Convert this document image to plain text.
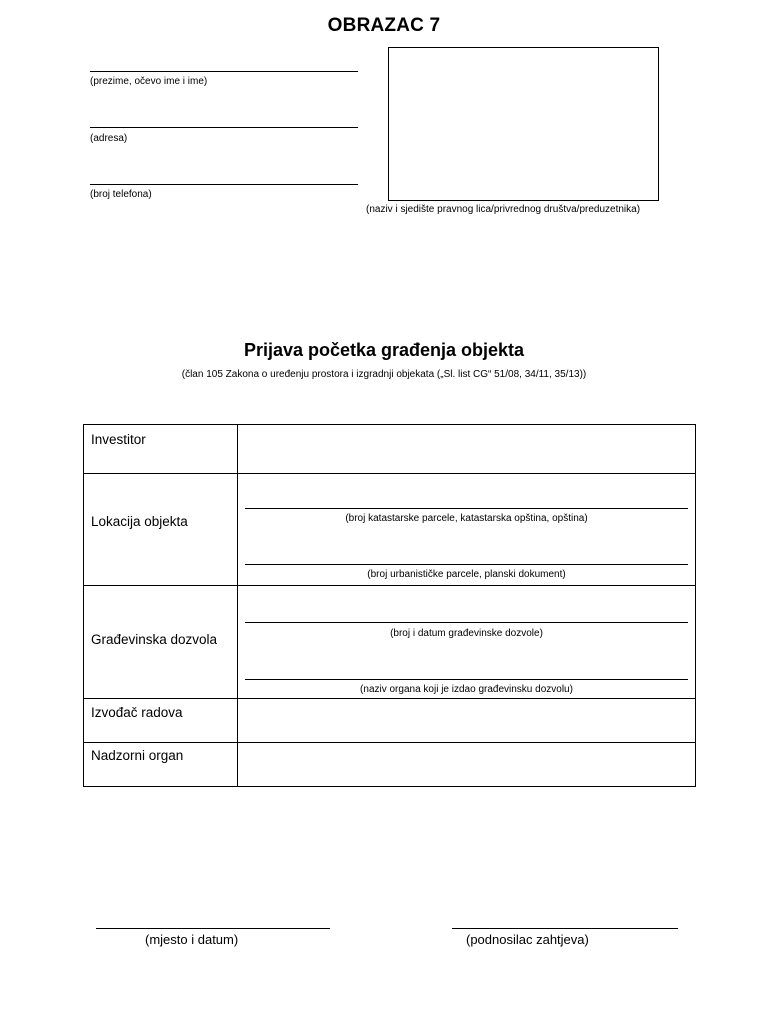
OBRAZAC 7
(prezime, očevo ime i ime)
(adresa)
(broj telefona)
(naziv i sjedište pravnog lica/privrednog društva/preduzetnika)
Prijava početka građenja objekta
(član 105 Zakona o uređenju prostora i izgradnji objekata („Sl. list CG“ 51/08, 34/11, 35/13))
Investitor	

Lokacija objekta	(broj katastarske parcele, katastarska opština, opština)
(broj urbanističke parcele, planski dokument)

Građevinska dozvola	(broj i datum građevinske dozvole)
(naziv organa koji je izdao građevinsku dozvolu)

Izvođač radova	

Nadzorni organ	

(mjesto i datum)	(podnosilac zahtjeva)
